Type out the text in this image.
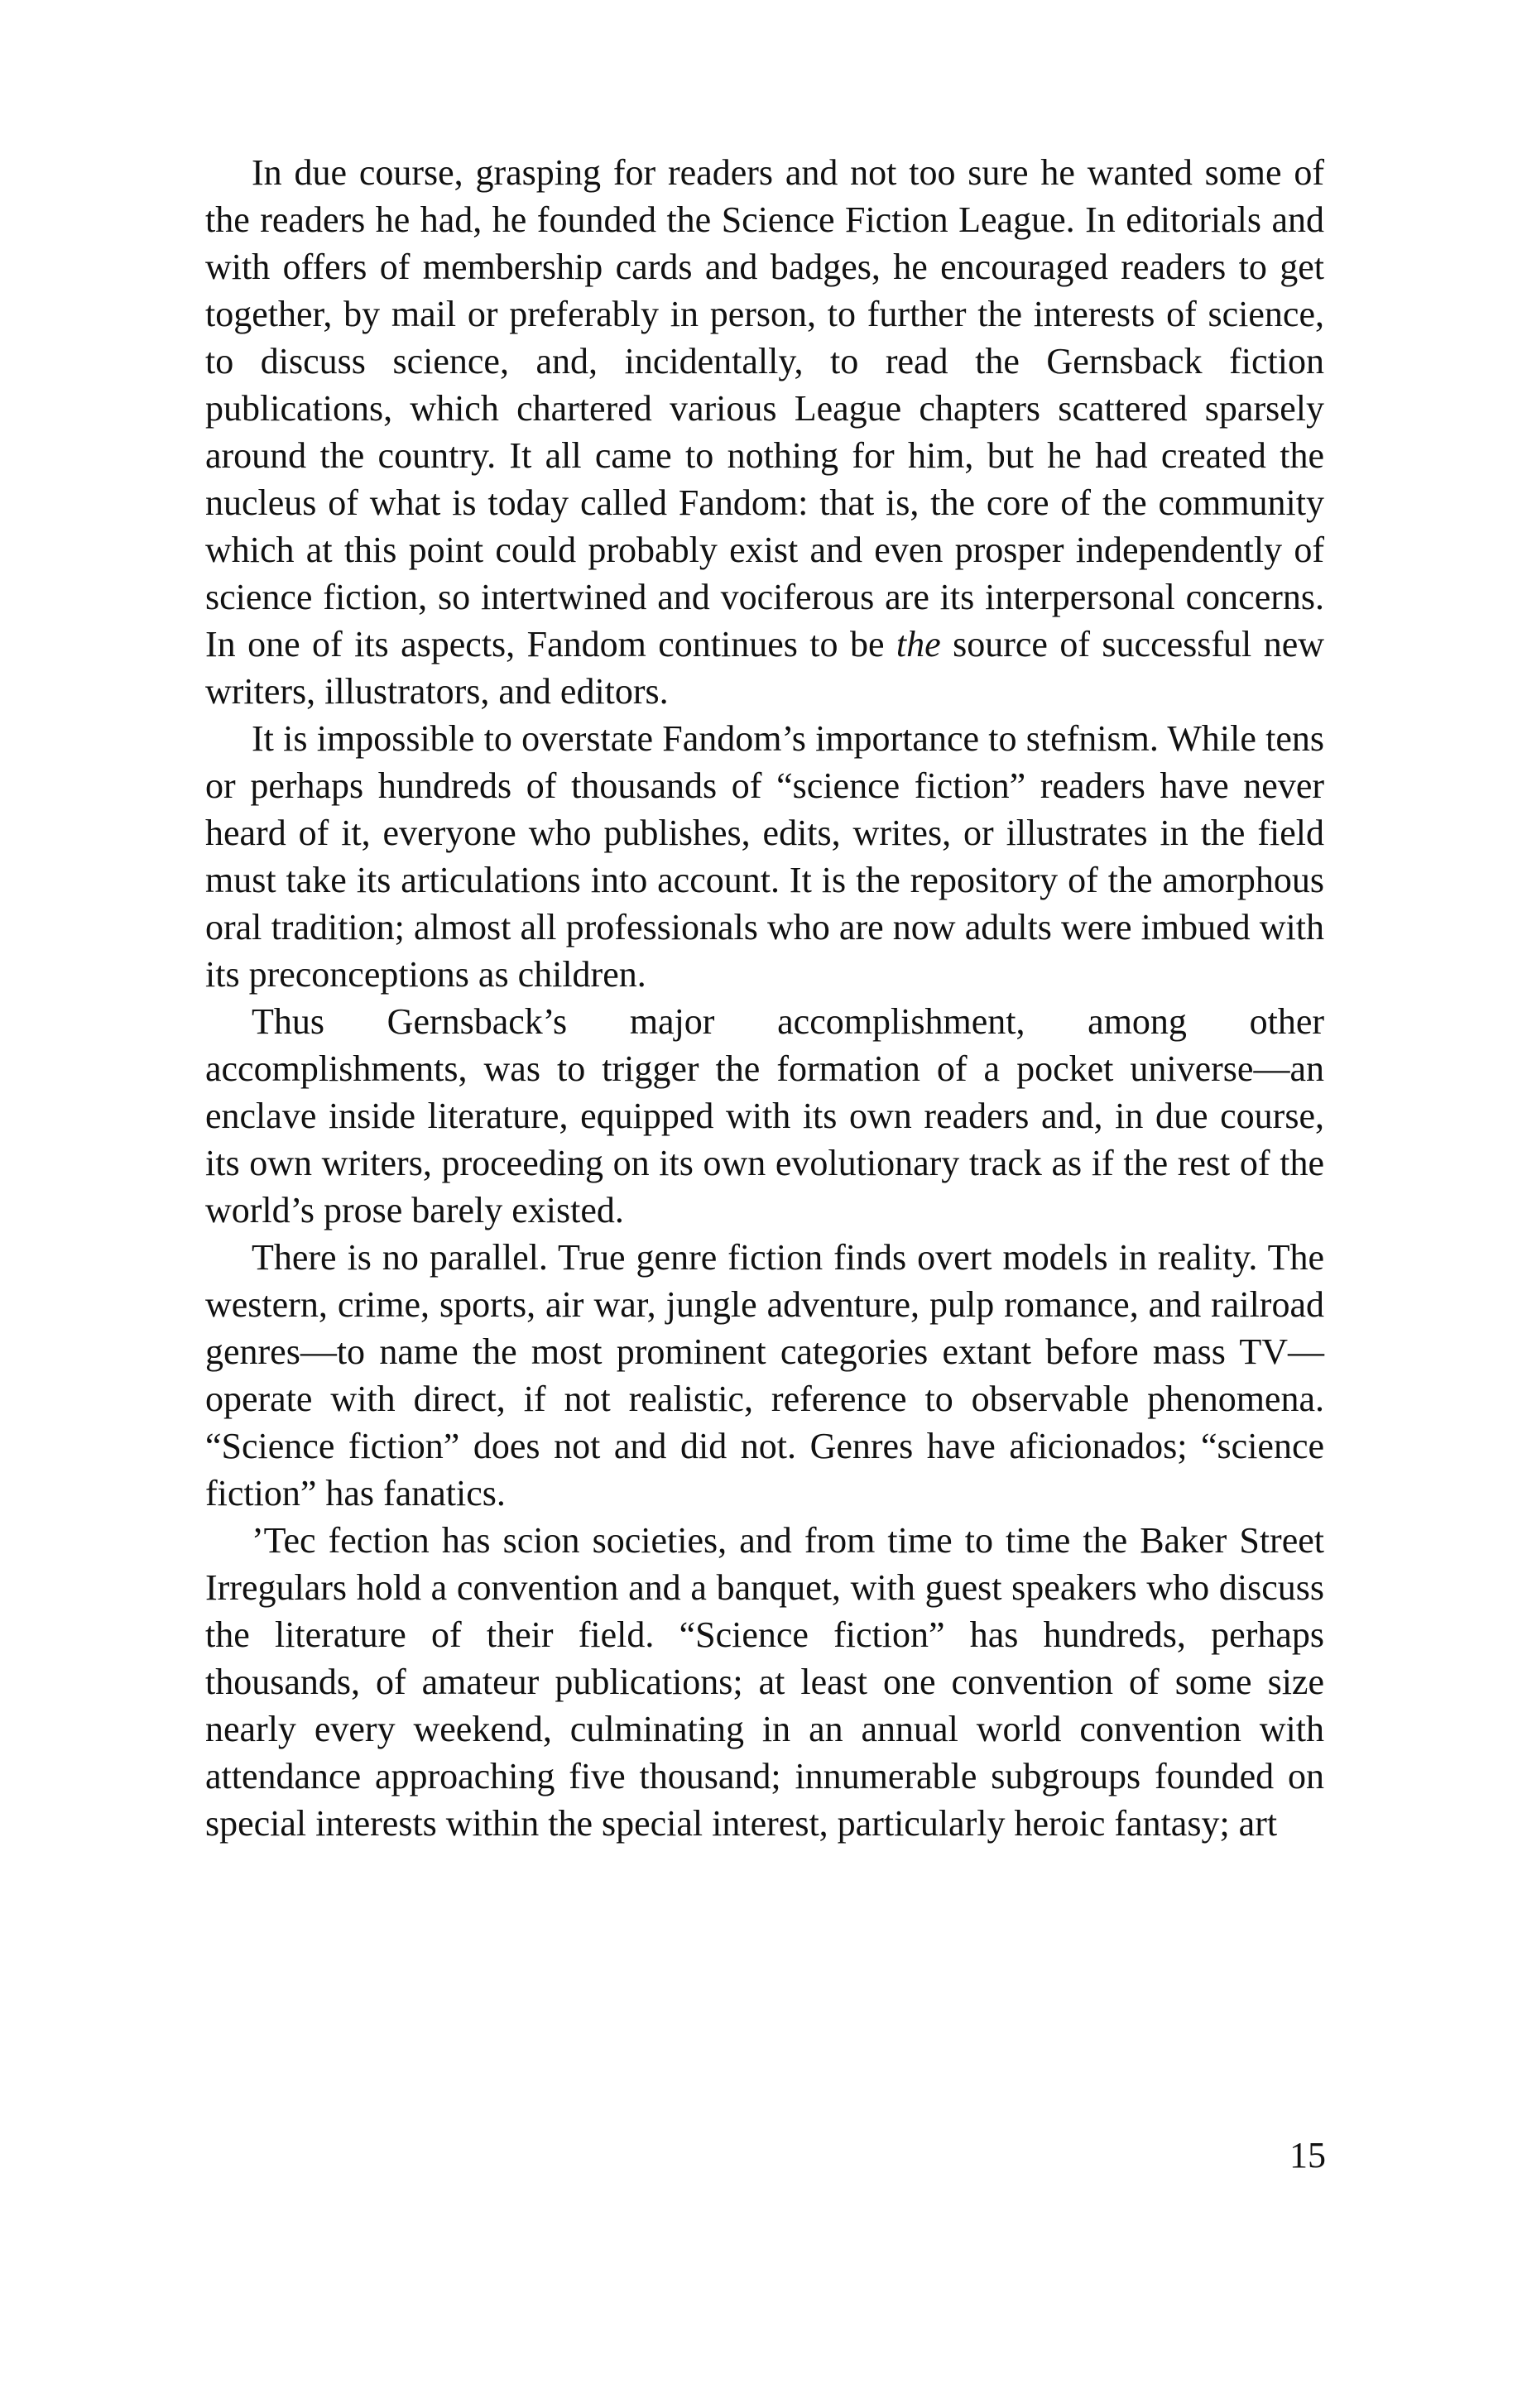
In due course, grasping for readers and not too sure he wanted some of the readers he had, he founded the Science Fiction League. In editorials and with offers of membership cards and badges, he encouraged readers to get together, by mail or preferably in person, to further the interests of science, to discuss science, and, incidentally, to read the Gernsback fiction publications, which chartered various League chapters scattered sparsely around the country. It all came to nothing for him, but he had created the nucleus of what is today called Fandom: that is, the core of the community which at this point could probably exist and even prosper independently of science fiction, so intertwined and vociferous are its interpersonal concerns. In one of its aspects, Fandom continues to be the source of successful new writers, illustrators, and editors.

It is impossible to overstate Fandom’s importance to stefnism. While tens or perhaps hundreds of thousands of “science fiction” readers have never heard of it, everyone who publishes, edits, writes, or illustrates in the field must take its articulations into account. It is the repository of the amorphous oral tradition; almost all professionals who are now adults were imbued with its preconceptions as children.

Thus Gernsback’s major accomplishment, among other accomplishments, was to trigger the formation of a pocket universe—an enclave inside literature, equipped with its own readers and, in due course, its own writers, proceeding on its own evolutionary track as if the rest of the world’s prose barely existed.

There is no parallel. True genre fiction finds overt models in reality. The western, crime, sports, air war, jungle adventure, pulp romance, and railroad genres—to name the most prominent categories extant before mass TV—operate with direct, if not realistic, reference to observable phenomena. “Science fiction” does not and did not. Genres have aficionados; “science fiction” has fanatics.

’Tec fection has scion societies, and from time to time the Baker Street Irregulars hold a convention and a banquet, with guest speakers who discuss the literature of their field. “Science fiction” has hundreds, perhaps thousands, of amateur publications; at least one convention of some size nearly every weekend, culminating in an annual world convention with attendance approaching five thousand; innumerable subgroups founded on special interests within the special interest, particularly heroic fantasy; art

15
